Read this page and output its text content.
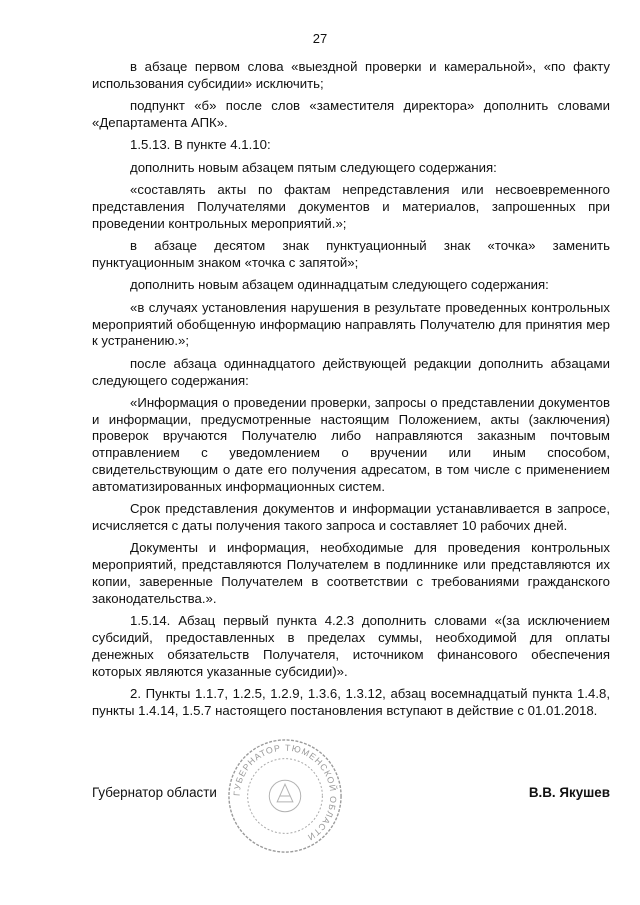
27

в абзаце первом слова «выездной проверки и камеральной», «по факту использования субсидии» исключить;

подпункт «б» после слов «заместителя директора» дополнить словами «Департамента АПК».

1.5.13. В пункте 4.1.10:

дополнить новым абзацем пятым следующего содержания:

«составлять акты по фактам непредставления или несвоевременного представления Получателями документов и материалов, запрошенных при проведении контрольных мероприятий.»;

в абзаце десятом знак пунктуационный знак «точка» заменить пунктуационным знаком «точка с запятой»;

дополнить новым абзацем одиннадцатым следующего содержания:

«в случаях установления нарушения в результате проведенных контрольных мероприятий обобщенную информацию направлять Получателю для принятия мер к устранению.»;

после абзаца одиннадцатого действующей редакции дополнить абзацами следующего содержания:

«Информация о проведении проверки, запросы о представлении документов и информации, предусмотренные настоящим Положением, акты (заключения) проверок вручаются Получателю либо направляются заказным почтовым отправлением с уведомлением о вручении или иным способом, свидетельствующим о дате его получения адресатом, в том числе с применением автоматизированных информационных систем.

Срок представления документов и информации устанавливается в запросе, исчисляется с даты получения такого запроса и составляет 10 рабочих дней.

Документы и информация, необходимые для проведения контрольных мероприятий, представляются Получателем в подлиннике или представляются их копии, заверенные Получателем в соответствии с требованиями гражданского законодательства.».

1.5.14. Абзац первый пункта 4.2.3 дополнить словами «(за исключением субсидий, предоставленных в пределах суммы, необходимой для оплаты денежных обязательств Получателя, источником финансового обеспечения которых являются указанные субсидии)».

2. Пункты 1.1.7, 1.2.5, 1.2.9, 1.3.6, 1.3.12, абзац восемнадцатый пункта 1.4.8, пункты 1.4.14, 1.5.7 настоящего постановления вступают в действие с 01.01.2018.

Губернатор области	В.В. Якушев
ГУБЕРНАТОР ТЮМЕНСКОЙ ОБЛАСТИ
